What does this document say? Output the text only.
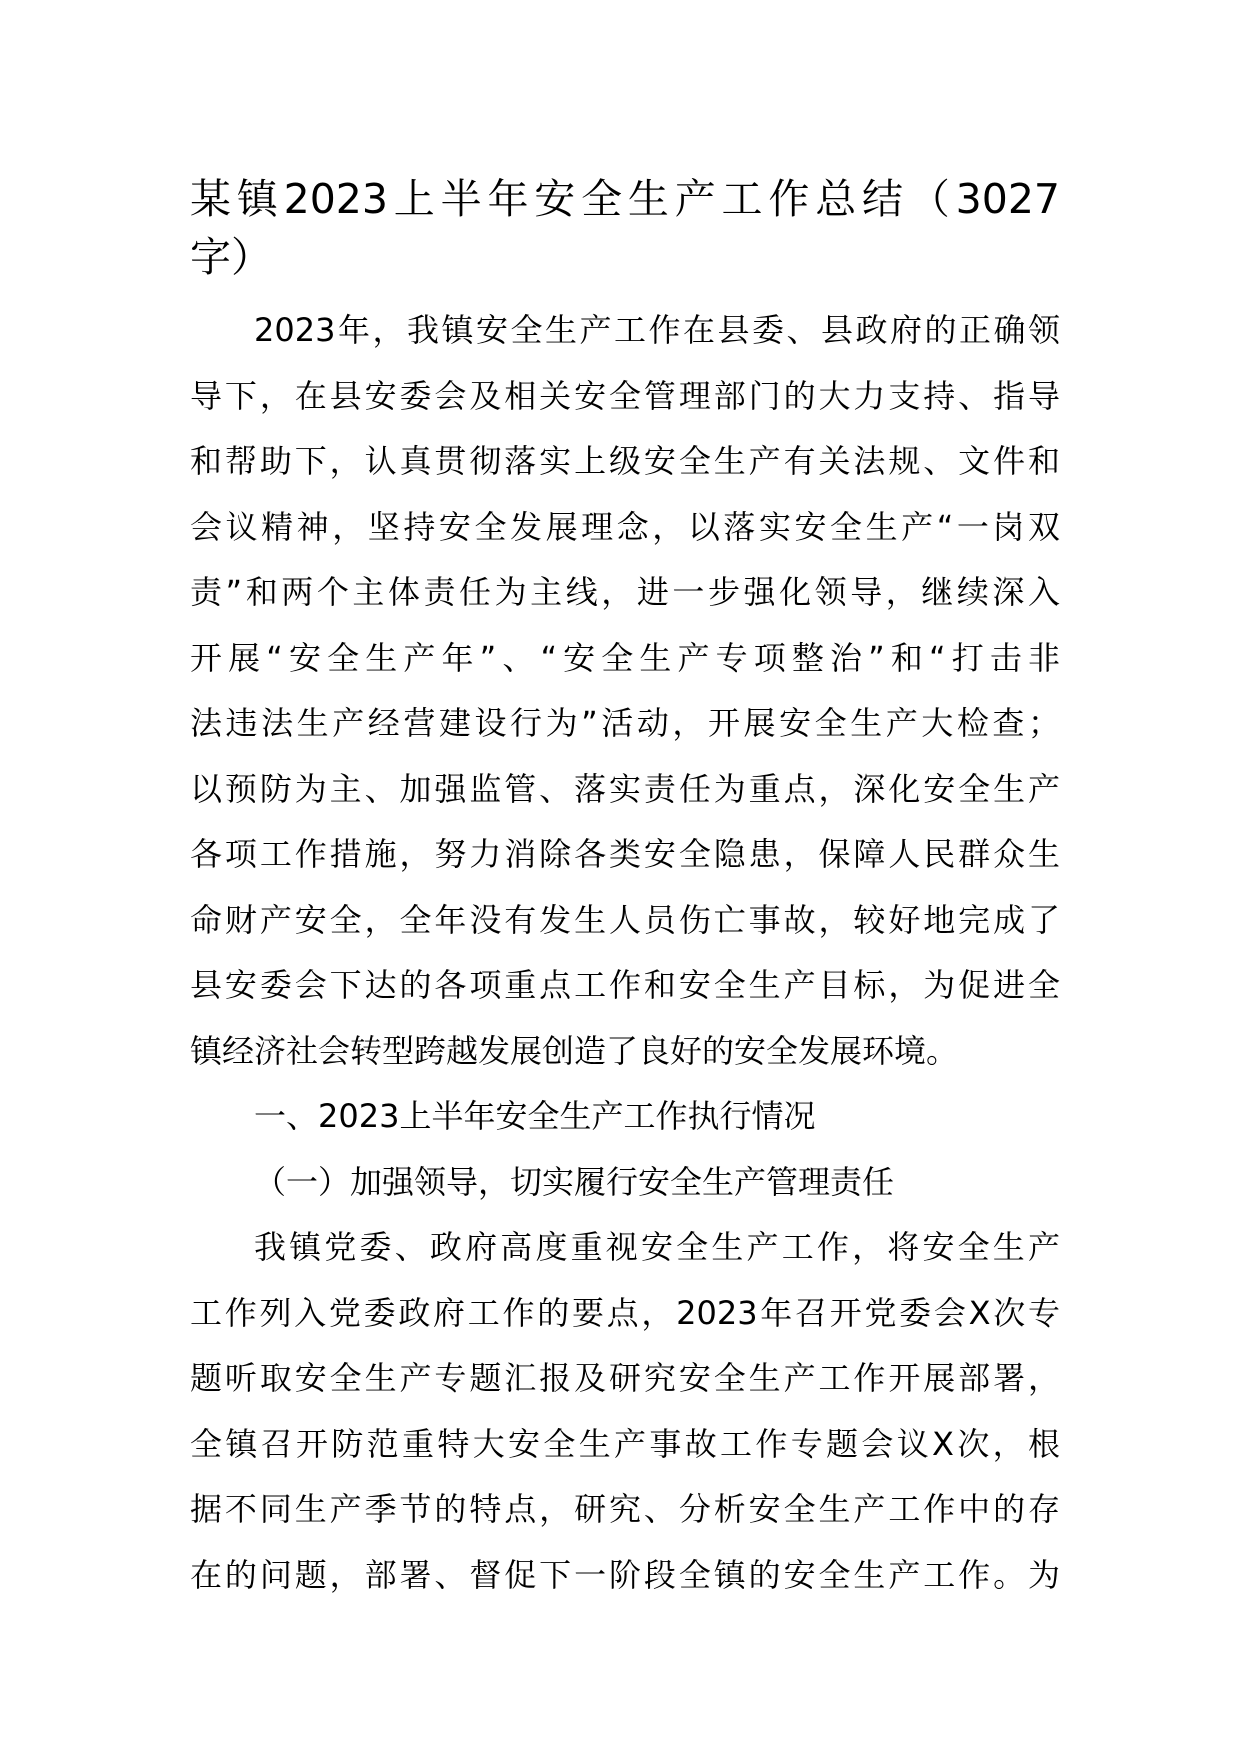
某镇2023上半年安全生产工作总结（3027
字）
2023年，我镇安全生产工作在县委、县政府的正确领
导下，在县安委会及相关安全管理部门的大力支持、指导
和帮助下，认真贯彻落实上级安全生产有关法规、文件和
会议精神，坚持安全发展理念，以落实安全生产“一岗双
责”和两个主体责任为主线，进一步强化领导，继续深入
开展“安全生产年”、“安全生产专项整治”和“打击非
法违法生产经营建设行为”活动，开展安全生产大检查；
以预防为主、加强监管、落实责任为重点，深化安全生产
各项工作措施，努力消除各类安全隐患，保障人民群众生
命财产安全，全年没有发生人员伤亡事故，较好地完成了
县安委会下达的各项重点工作和安全生产目标，为促进全
镇经济社会转型跨越发展创造了良好的安全发展环境。
一、2023上半年安全生产工作执行情况
（一）加强领导，切实履行安全生产管理责任
我镇党委、政府高度重视安全生产工作，将安全生产
工作列入党委政府工作的要点，2023年召开党委会X次专
题听取安全生产专题汇报及研究安全生产工作开展部署，
全镇召开防范重特大安全生产事故工作专题会议X次，根
据不同生产季节的特点，研究、分析安全生产工作中的存
在的问题，部署、督促下一阶段全镇的安全生产工作。为
